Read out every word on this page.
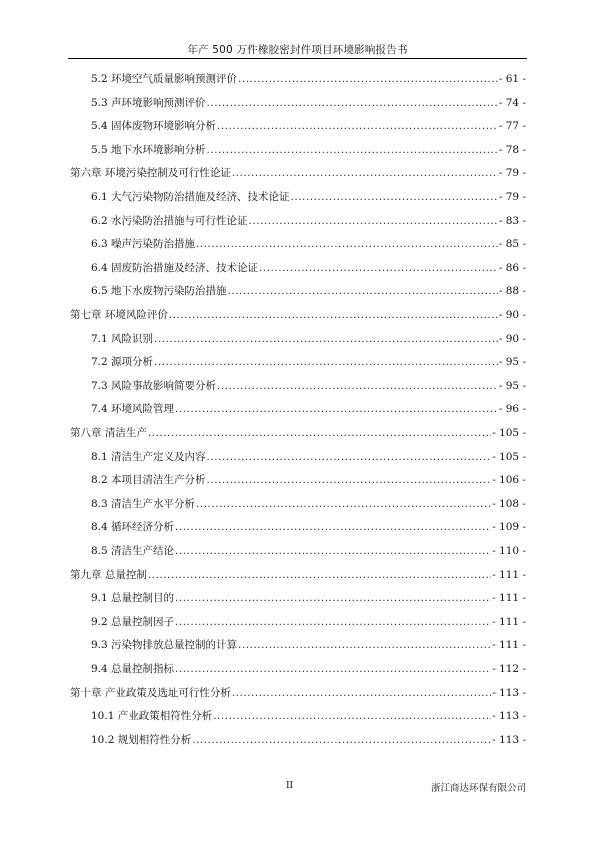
年产 500 万件橡胶密封件项目环境影响报告书
5.2 环境空气质量影响预测评价 .....	- 61 -
5.3 声环境影响预测评价 .....	- 74 -
5.4 固体废物环境影响分析 .....	- 77 -
5.5 地下水环境影响分析 .....	- 78 -
第六章 环境污染控制及可行性论证 .....	- 79 -
6.1 大气污染物防治措施及经济、技术论证 .....	- 79 -
6.2 水污染防治措施与可行性论证 .....	- 83 -
6.3 噪声污染防治措施 .....	- 85 -
6.4 固废防治措施及经济、技术论证 .....	- 86 -
6.5 地下水废物污染防治措施 .....	- 88 -
第七章 环境风险评价 .....	- 90 -
7.1 风险识别 .....	- 90 -
7.2 源项分析 .....	- 95 -
7.3 风险事故影响简要分析 .....	- 95 -
7.4 环境风险管理 .....	- 96 -
第八章 清洁生产 .....	- 105 -
8.1 清洁生产定义及内容 .....	- 105 -
8.2 本项目清洁生产分析 .....	- 106 -
8.3 清洁生产水平分析 .....	- 108 -
8.4 循环经济分析 .....	- 109 -
8.5 清洁生产结论 .....	- 110 -
第九章 总量控制 .....	- 111 -
9.1 总量控制目的 .....	- 111 -
9.2 总量控制因子 .....	- 111 -
9.3 污染物排放总量控制的计算 .....	- 111 -
9.4 总量控制指标 .....	- 112 -
第十章 产业政策及选址可行性分析 .....	- 113 -
10.1 产业政策相符性分析 .....	- 113 -
10.2 规划相符性分析 .....	- 113 -
II	浙江商达环保有限公司
